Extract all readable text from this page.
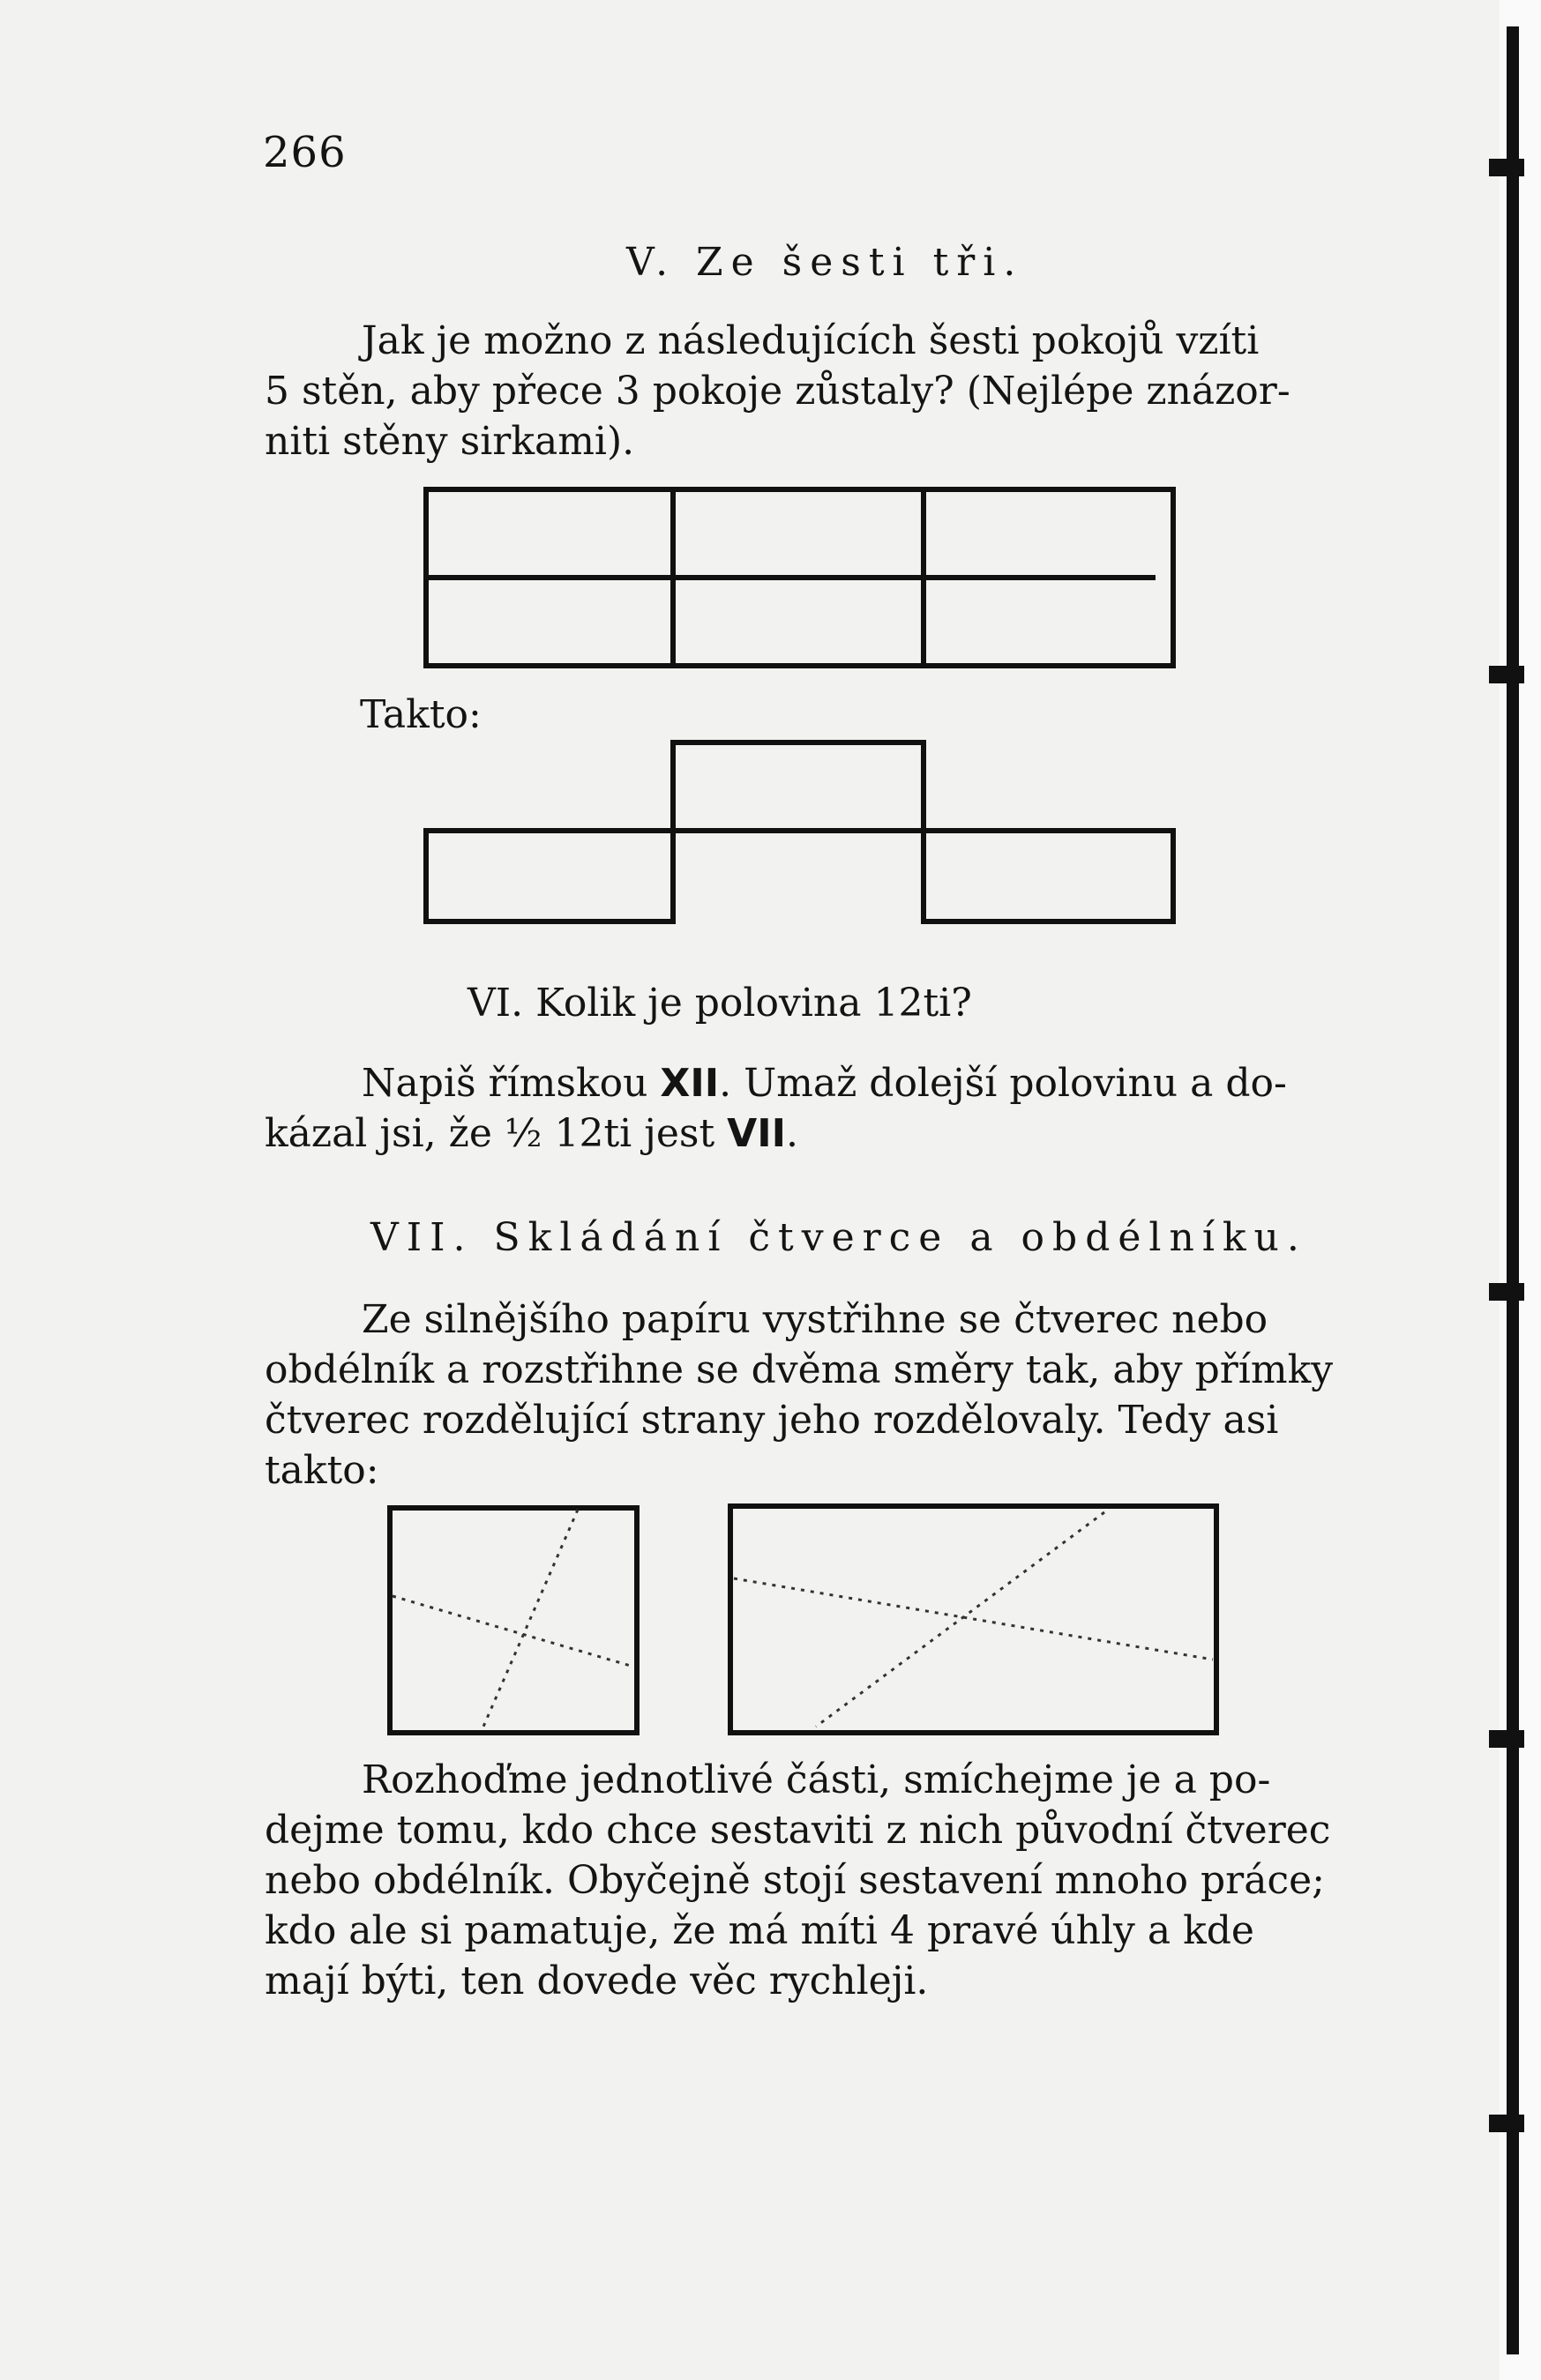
266
V. Ze šesti tři.
Jak je možno z následujících šesti pokojů vzíti
5 stěn, aby přece 3 pokoje zůstaly? (Nejlépe znázor-
niti stěny sirkami).
Takto:
VI. Kolik je polovina 12ti?
Napiš římskou XII. Umaž dolejší polovinu a do-
kázal jsi, že ½ 12ti jest VII.
VII. Skládání čtverce a obdélníku.
Ze silnějšího papíru vystřihne se čtverec nebo
obdélník a rozstřihne se dvěma směry tak, aby přímky
čtverec rozdělující strany jeho rozdělovaly. Tedy asi
takto:
Rozhoďme jednotlivé části, smíchejme je a po-
dejme tomu, kdo chce sestaviti z nich původní čtverec
nebo obdélník. Obyčejně stojí sestavení mnoho práce;
kdo ale si pamatuje, že má míti 4 pravé úhly a kde
mají býti, ten dovede věc rychleji.
